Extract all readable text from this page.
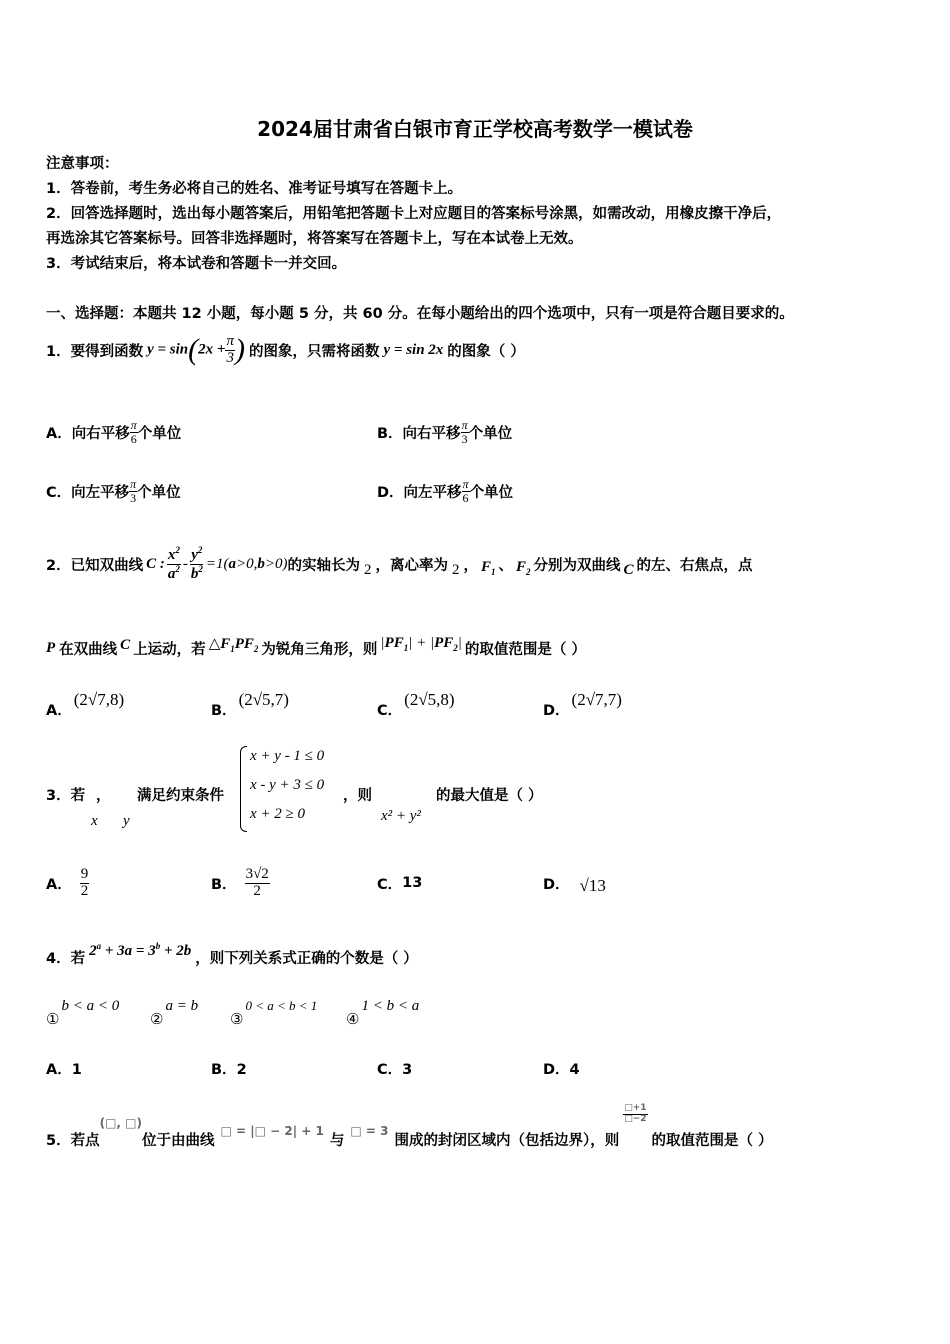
2024届甘肃省白银市育正学校高考数学一模试卷
注意事项：
1．答卷前，考生务必将自己的姓名、准考证号填写在答题卡上。
2．回答选择题时，选出每小题答案后，用铅笔把答题卡上对应题目的答案标号涂黑，如需改动，用橡皮擦干净后，
再选涂其它答案标号。回答非选择题时，将答案写在答题卡上，写在本试卷上无效。
3．考试结束后，将本试卷和答题卡一并交回。
一、选择题：本题共 12 小题，每小题 5 分，共 60 分。在每小题给出的四个选项中，只有一项是符合题目要求的。
1．要得到函数 $y = \sin(2x + \frac{\pi}{3}$ ) 的图象，只需将函数 y = sin 2x 的图象（ ）
A．向右平移 $\frac{\pi}{6}$ 个单位	B．向右平移 $\frac{\pi}{3}$ 个单位
C．向左平移 $\frac{\pi}{3}$ 个单位	D．向左平移 $\frac{\pi}{6}$ 个单位
2．已知双曲线 C : $\frac{x^2}{a^2} - \frac{y^2}{b^2} =1$( a >0, b >0) 的实轴长为 2 ，离心率为 2 ， $F_1$ 、 $F_2$ 分别为双曲线 C 的左、右焦点，点
P 在双曲线 C 上运动，若 $\triangle F_1PF_2$ 为锐角三角形，则 $|PF_1| + |PF_2|$ 的取值范围是（ ）
A．
(2√7,8)
B．
(2√5,7)
C．
(2√5,8)
D．
(2√7,7)
3．若 ， 满足约束条件
x y
x + y - 1 ≤ 0
x - y + 3 ≤ 0
x + 2 ≥ 0
，则
x² + y²
的最大值是（ ）
A． $\frac{9}{2}$	B． $\frac{3√2}{2}$	C． 13	D． √13
4．若 $2^a + 3a = 3^b + 2b$ ，则下列关系式正确的个数是（ ）
①
b < a < 0
②
a = b
③
0 < a < b < 1
④
1 < b < a
A．1	B．2	C．3	D．4
5．若点
(□, □)
位于由曲线
□ = |□ − 2| + 1
与
□ = 3
围成的封闭区域内（包括边界），则
$\frac{□+1}{□-2}$
的取值范围是（ ）
